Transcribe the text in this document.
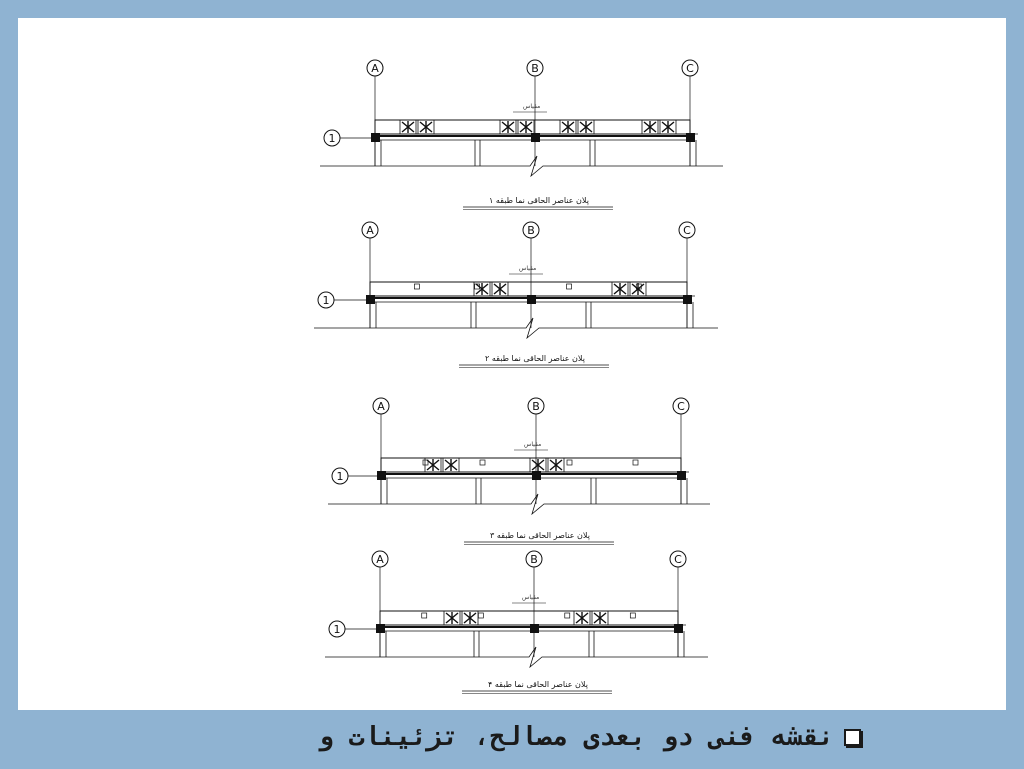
A	B	C
1
مقیاس
پلان عناصر الحاقی نما طبقه ۱
A	B	C
1
مقیاس
پلان عناصر الحاقی نما طبقه ۲
A	B	C
1
مقیاس
پلان عناصر الحاقی نما طبقه ۳
A	B	C
1
مقیاس
پلان عناصر الحاقی نما طبقه ۴
نقشه فنی دو بعدی مصالح، تزئینات و
